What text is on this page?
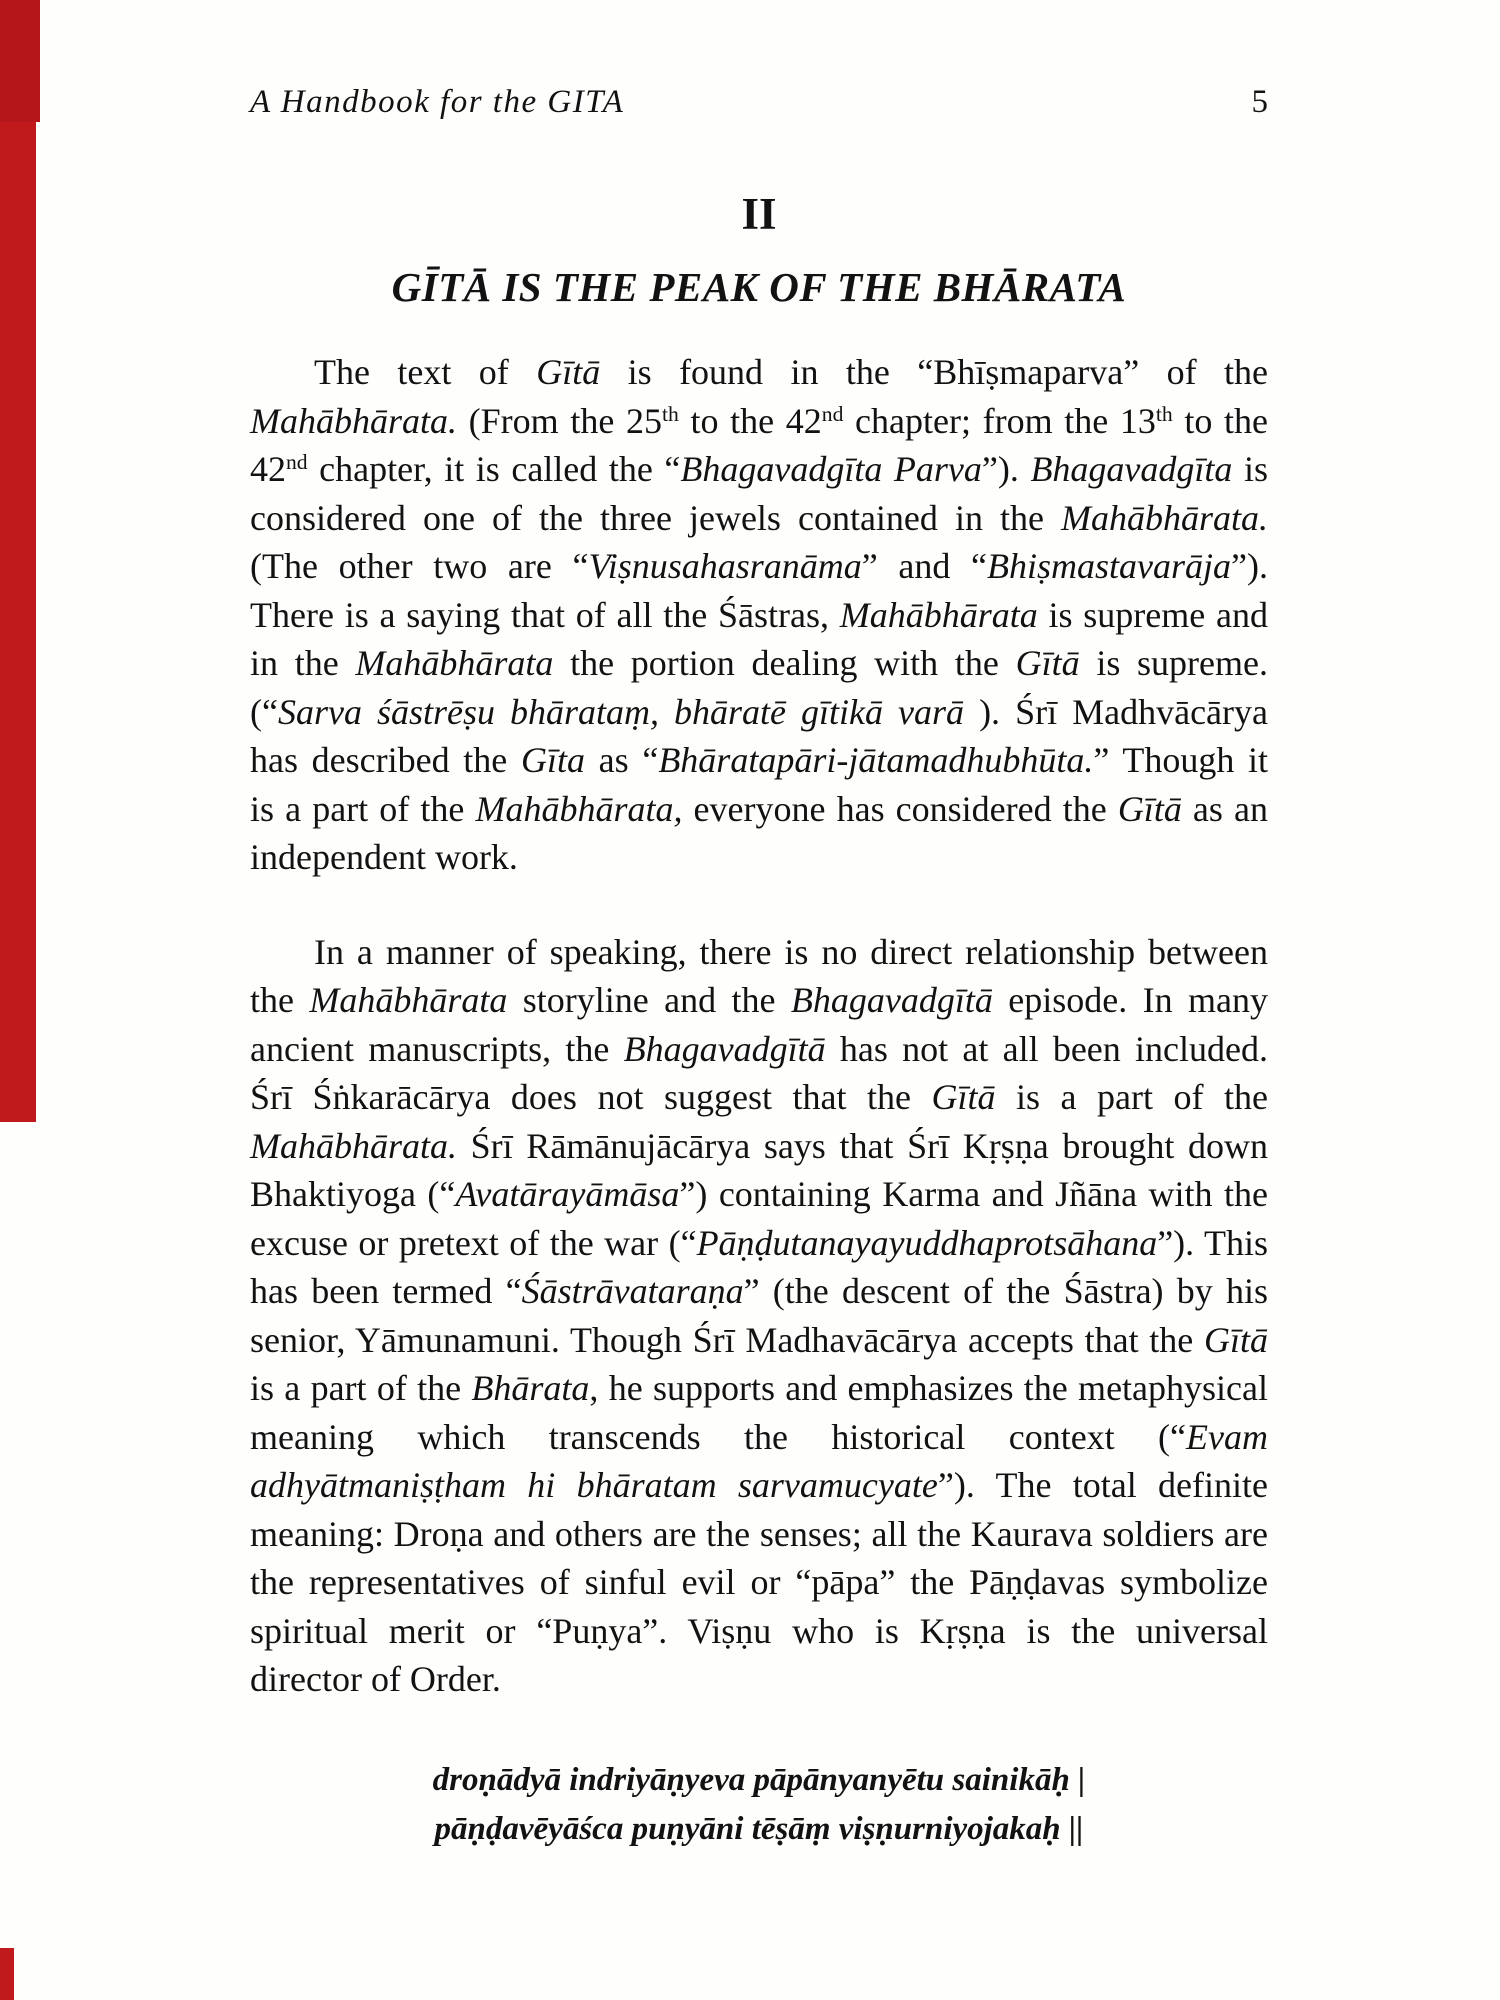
A Handbook for the GITA	5
II
GĪTĀ IS THE PEAK OF THE BHĀRATA

The text of Gītā is found in the “Bhīṣmaparva” of the Mahābhārata. (From the 25th to the 42nd chapter; from the 13th to the 42nd chapter, it is called the “Bhagavadgīta Parva”). Bhagavadgīta is considered one of the three jewels contained in the Mahābhārata. (The other two are “Viṣnusahasranāma” and “Bhiṣmastavarāja”). There is a saying that of all the Śāstras, Mahābhārata is supreme and in the Mahābhārata the portion dealing with the Gītā is supreme. (“Sarva śāstrēṣu bhārataṃ, bhāratē gītikā varā ). Śrī Madhvācārya has described the Gīta as “Bhāratapāri-jātamadhubhūta.” Though it is a part of the Mahābhārata, everyone has considered the Gītā as an independent work.

In a manner of speaking, there is no direct relationship between the Mahābhārata storyline and the Bhagavadgītā episode. In many ancient manuscripts, the Bhagavadgītā has not at all been included. Śrī Śṅkarācārya does not suggest that the Gītā is a part of the Mahābhārata. Śrī Rāmānujācārya says that Śrī Kṛṣṇa brought down Bhaktiyoga (“Avatārayāmāsa”) containing Karma and Jñāna with the excuse or pretext of the war (“Pāṇḍutanayayuddhaprotsāhana”). This has been termed “Śāstrāvataraṇa” (the descent of the Śāstra) by his senior, Yāmunamuni. Though Śrī Madhavācārya accepts that the Gītā is a part of the Bhārata, he supports and emphasizes the metaphysical meaning which transcends the historical context (“Evam adhyātmaniṣṭham hi bhāratam sarvamucyate”). The total definite meaning: Droṇa and others are the senses; all the Kaurava soldiers are the representatives of sinful evil or “pāpa” the Pāṇḍavas symbolize spiritual merit or “Puṇya”. Viṣṇu who is Kṛṣṇa is the universal director of Order.

droṇādyā indriyāṇyeva pāpānyanyētu sainikāḥ |
pāṇḍavēyāśca puṇyāni tēṣāṃ viṣṇurniyojakaḥ ||
